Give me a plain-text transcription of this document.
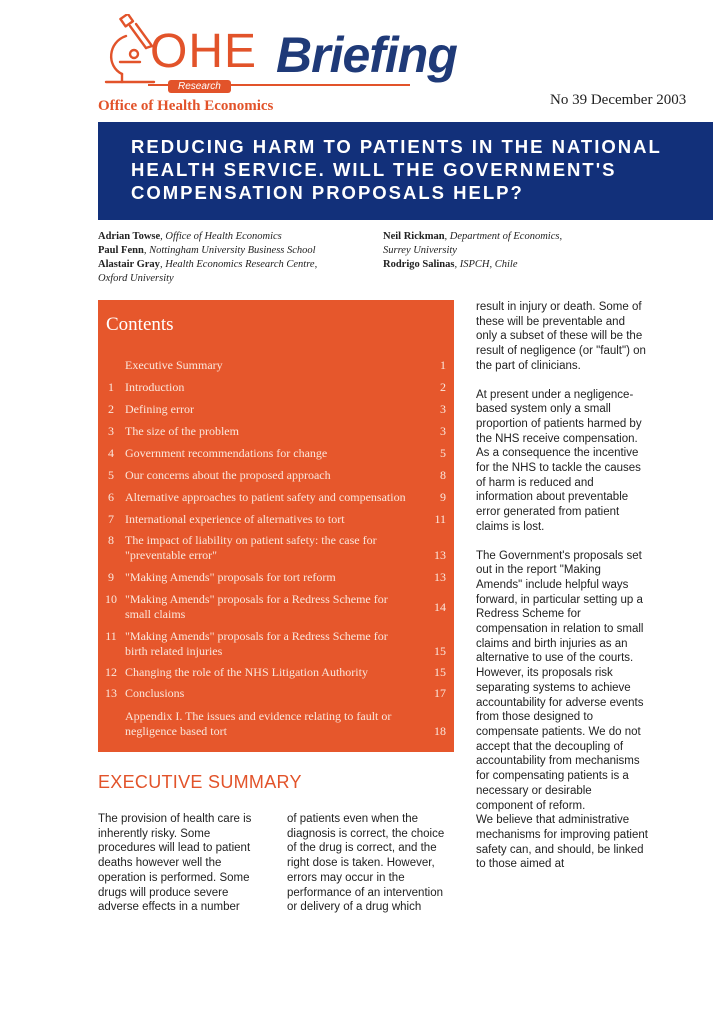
OHE Briefing
Research
Office of Health Economics	No 39 December 2003
REDUCING HARM TO PATIENTS IN THE NATIONAL
HEALTH SERVICE. WILL THE GOVERNMENT'S
COMPENSATION PROPOSALS HELP?
Adrian Towse, Office of Health Economics
Paul Fenn, Nottingham University Business School
Alastair Gray, Health Economics Research Centre,
Oxford University
Neil Rickman, Department of Economics,
Surrey University
Rodrigo Salinas, ISPCH, Chile
Contents
Executive Summary	1
1 Introduction	2
2 Defining error	3
3 The size of the problem	3
4 Government recommendations for change	5
5 Our concerns about the proposed approach	8
6 Alternative approaches to patient safety and compensation	9
7 International experience of alternatives to tort	11
8 The impact of liability on patient safety: the case for "preventable error"	13
9 "Making Amends" proposals for tort reform	13
10 "Making Amends" proposals for a Redress Scheme for small claims	14
11 "Making Amends" proposals for a Redress Scheme for birth related injuries	15
12 Changing the role of the NHS Litigation Authority	15
13 Conclusions	17
Appendix I. The issues and evidence relating to fault or negligence based tort	18
EXECUTIVE SUMMARY

The provision of health care is inherently risky. Some procedures will lead to patient deaths however well the operation is performed. Some drugs will produce severe adverse effects in a number

of patients even when the diagnosis is correct, the choice of the drug is correct, and the right dose is taken. However, errors may occur in the performance of an intervention or delivery of a drug which

result in injury or death. Some of these will be preventable and only a subset of these will be the result of negligence (or "fault") on the part of clinicians.

At present under a negligence-based system only a small proportion of patients harmed by the NHS receive compensation. As a consequence the incentive for the NHS to tackle the causes of harm is reduced and information about preventable error generated from patient claims is lost.

The Government's proposals set out in the report "Making Amends" include helpful ways forward, in particular setting up a Redress Scheme for compensation in relation to small claims and birth injuries as an alternative to use of the courts. However, its proposals risk separating systems to achieve accountability for adverse events from those designed to compensate patients. We do not accept that the decoupling of accountability from mechanisms for compensating patients is a necessary or desirable component of reform.

We believe that administrative mechanisms for improving patient safety can, and should, be linked to those aimed at
